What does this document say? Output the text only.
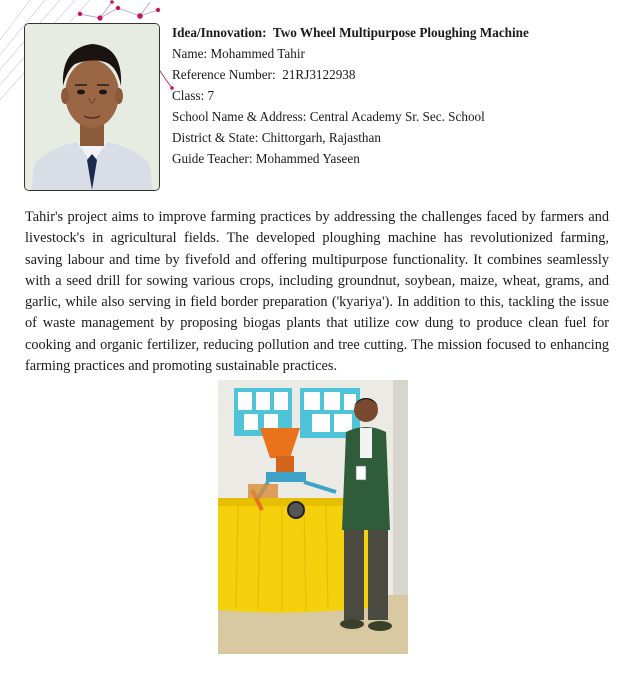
Idea/Innovation: Two Wheel Multipurpose Ploughing Machine
Name: Mohammed Tahir
Reference Number: 21RJ3122938
Class: 7
School Name & Address: Central Academy Sr. Sec. School
District & State: Chittorgarh, Rajasthan
Guide Teacher: Mohammed Yaseen

Tahir's project aims to improve farming practices by addressing the challenges faced by farmers and livestock's in agricultural fields. The developed ploughing machine has revolutionized farming, saving labour and time by fivefold and offering multipurpose functionality. It combines seamlessly with a seed drill for sowing various crops, including groundnut, soybean, maize, wheat, grams, and garlic, while also serving in field border preparation ('kyariya'). In addition to this, tackling the issue of waste management by proposing biogas plants that utilize cow dung to produce clean fuel for cooking and organic fertilizer, reducing pollution and tree cutting. The mission focused to enhancing farming practices and promoting sustainable practices.
